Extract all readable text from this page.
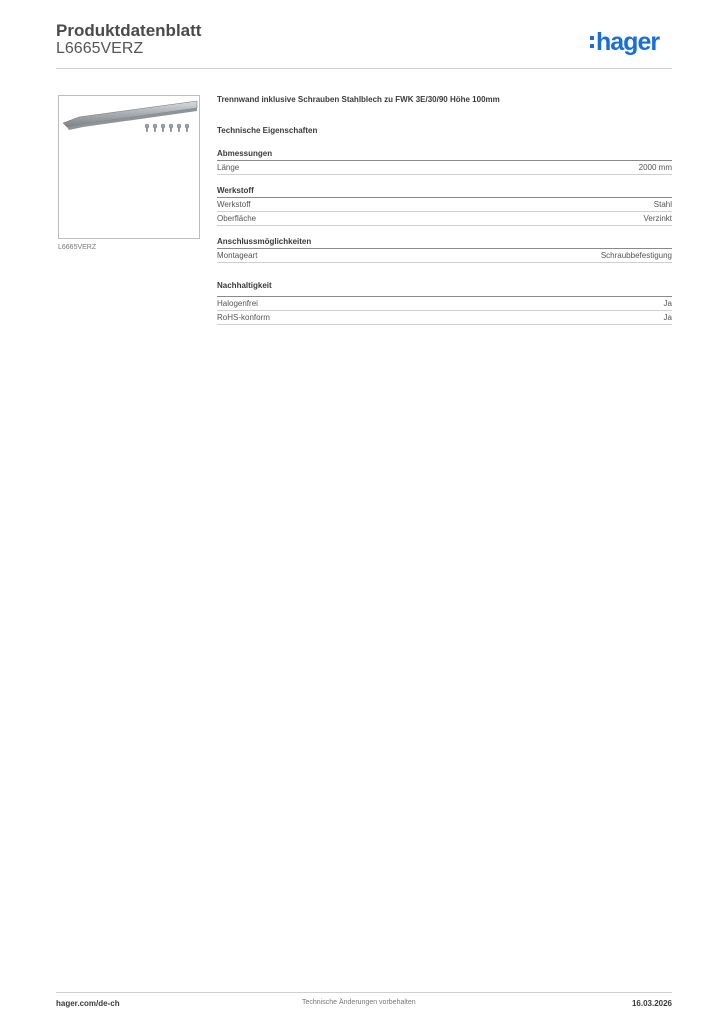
Produktdatenblatt
L6665VERZ	hager
L6665VERZ
Trennwand inklusive Schrauben Stahlblech zu FWK 3E/30/90 Höhe 100mm
Technische Eigenschaften
Abmessungen
Länge	2000 mm
Werkstoff
Werkstoff	Stahl
Oberfläche	Verzinkt
Anschlussmöglichkeiten
Montageart	Schraubbefestigung
Nachhaltigkeit
Halogenfrei	Ja
RoHS-konform	Ja
hager.com/de-ch	Technische Änderungen vorbehalten	16.03.2026
